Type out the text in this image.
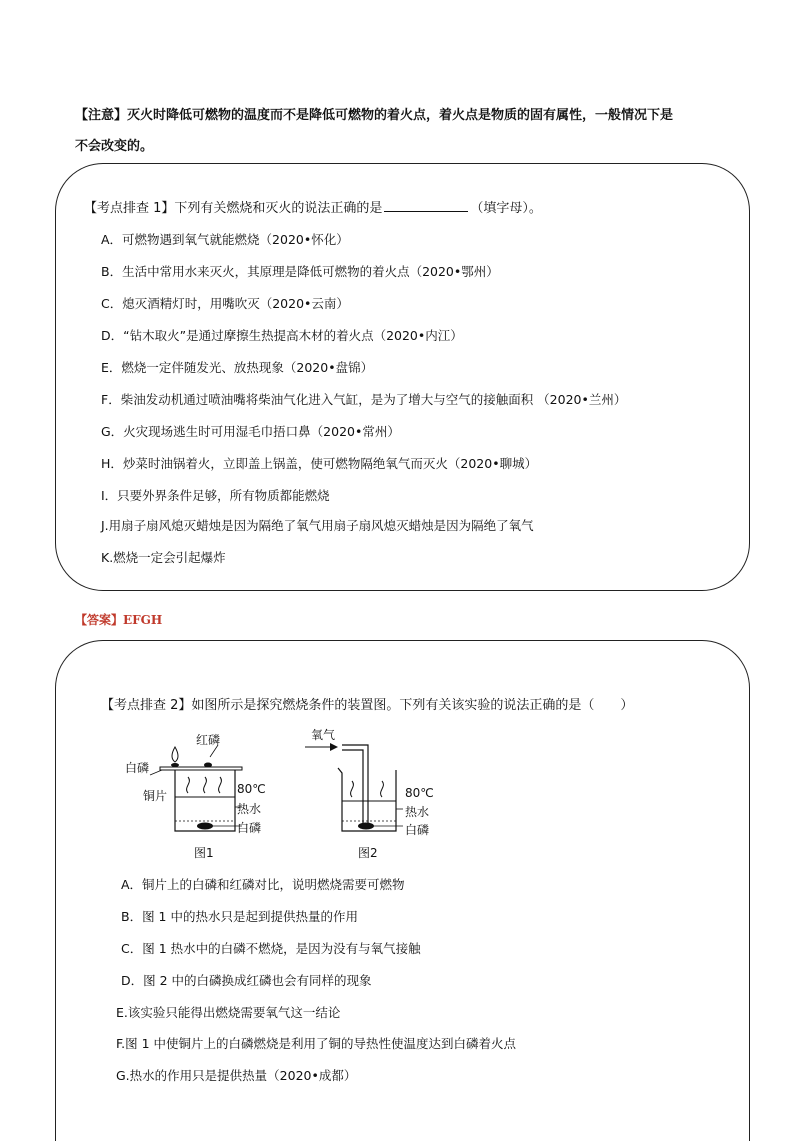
【注意】灭火时降低可燃物的温度而不是降低可燃物的着火点，着火点是物质的固有属性，一般情况下是
不会改变的。
【考点排查 1】下列有关燃烧和灭火的说法正确的是	（填字母）。
A．可燃物遇到氧气就能燃烧（2020•怀化）
B．生活中常用水来灭火，其原理是降低可燃物的着火点（2020•鄂州）
C．熄灭酒精灯时，用嘴吹灭（2020•云南）
D．“钻木取火”是通过摩擦生热提高木材的着火点（2020•内江）
E．燃烧一定伴随发光、放热现象（2020•盘锦）
F．柴油发动机通过喷油嘴将柴油气化进入气缸，是为了增大与空气的接触面积 （2020•兰州）
G．火灾现场逃生时可用湿毛巾捂口鼻（2020•常州）
H．炒菜时油锅着火，立即盖上锅盖，使可燃物隔绝氧气而灭火（2020•聊城）
I．只要外界条件足够，所有物质都能燃烧
J.用扇子扇风熄灭蜡烛是因为隔绝了氧气用扇子扇风熄灭蜡烛是因为隔绝了氧气
K.燃烧一定会引起爆炸
【答案】EFGH
【考点排查 2】如图所示是探究燃烧条件的装置图。下列有关该实验的说法正确的是（　　）
红磷
白磷
铜片	80℃
热水
白磷
图1
氧气
80℃
热水
白磷
图2
A．铜片上的白磷和红磷对比，说明燃烧需要可燃物
B．图 1 中的热水只是起到提供热量的作用
C．图 1 热水中的白磷不燃烧，是因为没有与氧气接触
D．图 2 中的白磷换成红磷也会有同样的现象
E.该实验只能得出燃烧需要氧气这一结论
F.图 1 中使铜片上的白磷燃烧是利用了铜的导热性使温度达到白磷着火点
G.热水的作用只是提供热量（2020•成都）
